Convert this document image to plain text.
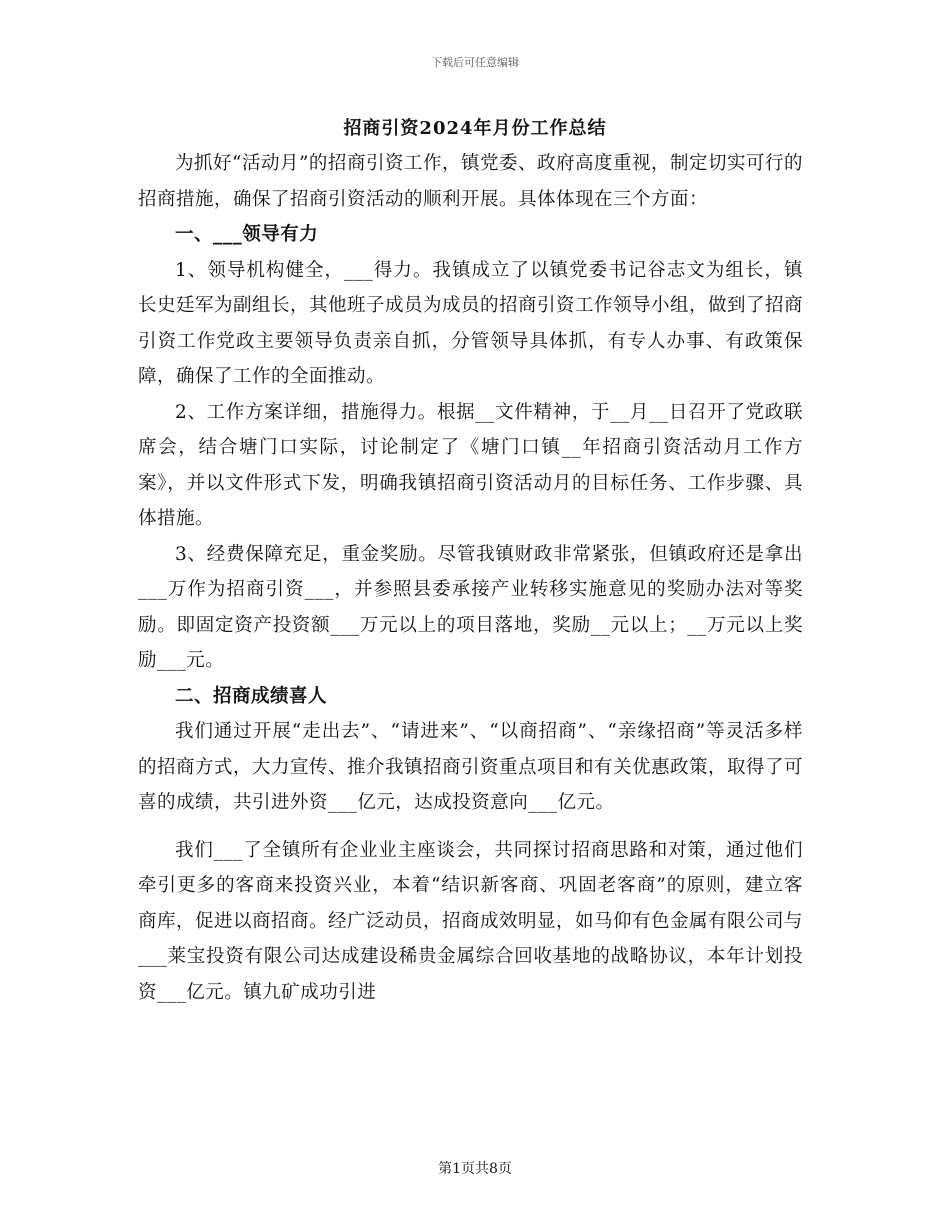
下载后可任意编辑
招商引资2024年月份工作总结

为抓好“活动月”的招商引资工作，镇党委、政府高度重视，制定切实可行的招商措施，确保了招商引资活动的顺利开展。具体体现在三个方面：

一、___领导有力

1、领导机构健全，___得力。我镇成立了以镇党委书记谷志文为组长，镇长史廷军为副组长，其他班子成员为成员的招商引资工作领导小组，做到了招商引资工作党政主要领导负责亲自抓，分管领导具体抓，有专人办事、有政策保障，确保了工作的全面推动。

2、工作方案详细，措施得力。根据__文件精神，于__月__日召开了党政联席会，结合塘门口实际，讨论制定了《塘门口镇__年招商引资活动月工作方案》，并以文件形式下发，明确我镇招商引资活动月的目标任务、工作步骤、具体措施。

3、经费保障充足，重金奖励。尽管我镇财政非常紧张，但镇政府还是拿出___万作为招商引资___，并参照县委承接产业转移实施意见的奖励办法对等奖励。即固定资产投资额___万元以上的项目落地，奖励__元以上；__万元以上奖励___元。

二、招商成绩喜人

我们通过开展“走出去”、“请进来”、“以商招商”、“亲缘招商”等灵活多样的招商方式，大力宣传、推介我镇招商引资重点项目和有关优惠政策，取得了可喜的成绩，共引进外资___亿元，达成投资意向___亿元。

我们___了全镇所有企业业主座谈会，共同探讨招商思路和对策，通过他们牵引更多的客商来投资兴业，本着“结识新客商、巩固老客商”的原则，建立客商库，促进以商招商。经广泛动员，招商成效明显，如马仰有色金属有限公司与___莱宝投资有限公司达成建设稀贵金属综合回收基地的战略协议，本年计划投资___亿元。镇九矿成功引进

第1页共8页
